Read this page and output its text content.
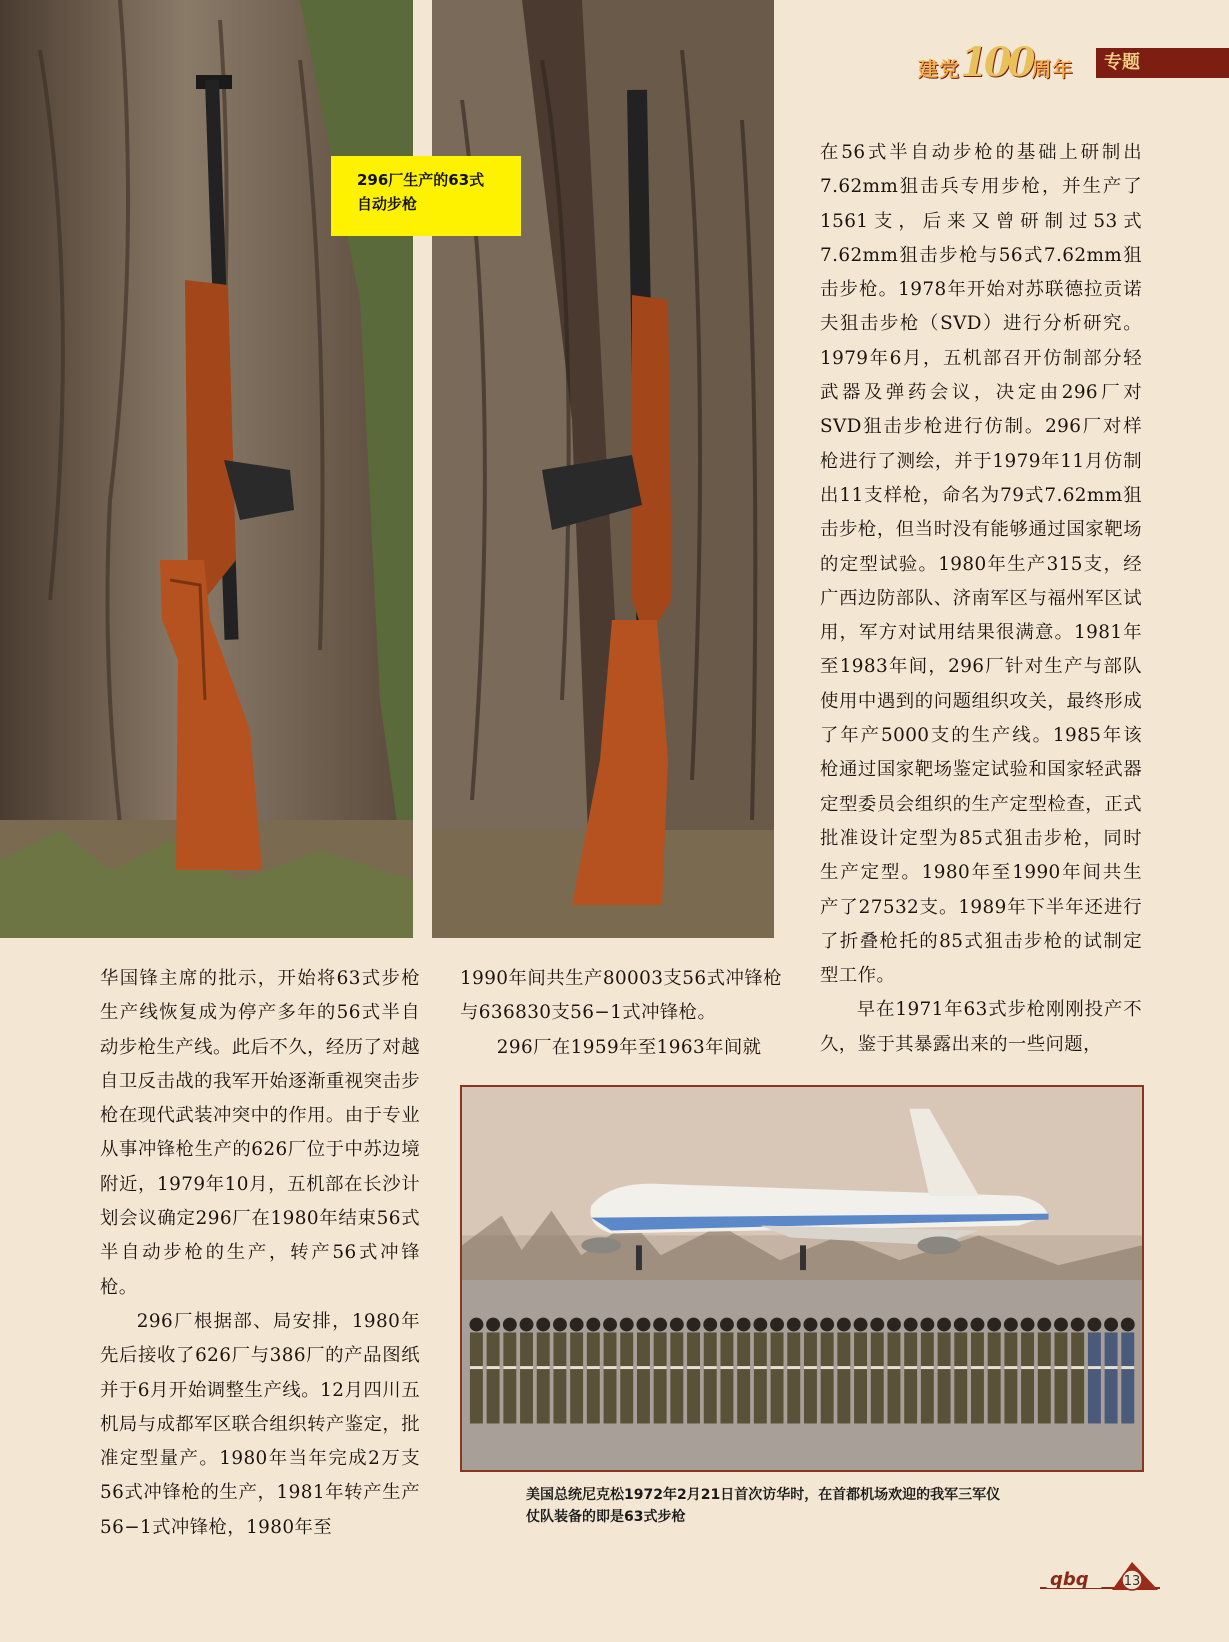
建党100周年	专题
296厂生产的63式
自动步枪

在56式半自动步枪的基础上研制出7.62mm狙击兵专用步枪，并生产了1561支，后来又曾研制过53式7.62mm狙击步枪与56式7.62mm狙击步枪。1978年开始对苏联德拉贡诺夫狙击步枪（SVD）进行分析研究。1979年6月，五机部召开仿制部分轻武器及弹药会议，决定由296厂对SVD狙击步枪进行仿制。296厂对样枪进行了测绘，并于1979年11月仿制出11支样枪，命名为79式7.62mm狙击步枪，但当时没有能够通过国家靶场的定型试验。1980年生产315支，经广西边防部队、济南军区与福州军区试用，军方对试用结果很满意。1981年至1983年间，296厂针对生产与部队使用中遇到的问题组织攻关，最终形成了年产5000支的生产线。1985年该枪通过国家靶场鉴定试验和国家轻武器定型委员会组织的生产定型检查，正式批准设计定型为85式狙击步枪，同时生产定型。1980年至1990年间共生产了27532支。1989年下半年还进行了折叠枪托的85式狙击步枪的试制定型工作。

早在1971年63式步枪刚刚投产不久，鉴于其暴露出来的一些问题，

华国锋主席的批示，开始将63式步枪生产线恢复成为停产多年的56式半自动步枪生产线。此后不久，经历了对越自卫反击战的我军开始逐渐重视突击步枪在现代武装冲突中的作用。由于专业从事冲锋枪生产的626厂位于中苏边境附近，1979年10月，五机部在长沙计划会议确定296厂在1980年结束56式半自动步枪的生产，转产56式冲锋枪。

296厂根据部、局安排，1980年先后接收了626厂与386厂的产品图纸并于6月开始调整生产线。12月四川五机局与成都军区联合组织转产鉴定，批准定型量产。1980年当年完成2万支56式冲锋枪的生产，1981年转产生产56−1式冲锋枪，1980年至

1990年间共生产80003支56式冲锋枪与636830支56−1式冲锋枪。

296厂在1959年至1963年间就

美国总统尼克松1972年2月21日首次访华时，在首都机场欢迎的我军三军仪
仗队装备的即是63式步枪
qbq	13
